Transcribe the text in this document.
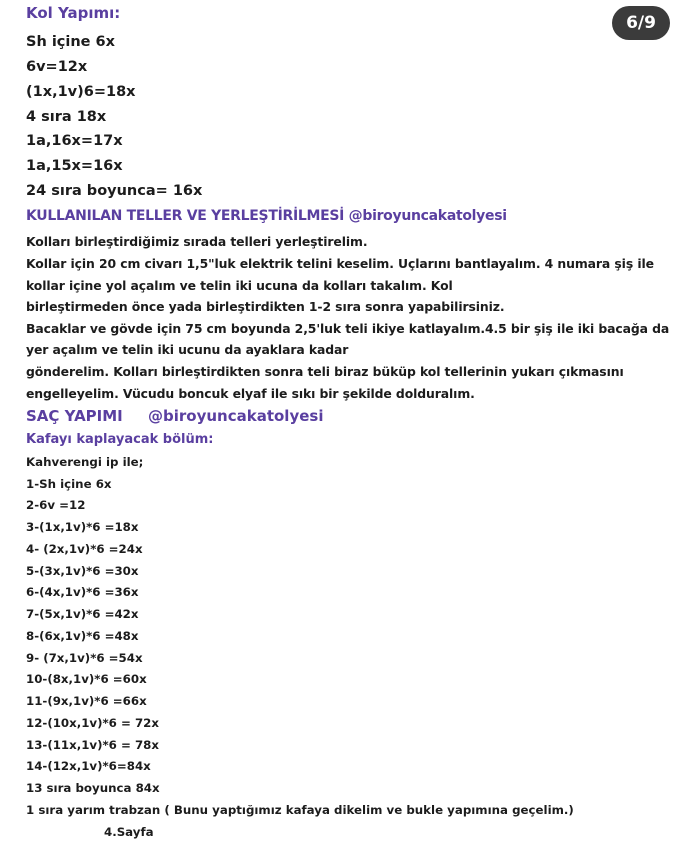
6/9
Kol Yapımı:
Sh içine 6x
6v=12x
(1x,1v)6=18x
4 sıra 18x
1a,16x=17x
1a,15x=16x
24 sıra boyunca= 16x
KULLANILAN TELLER VE YERLEŞTİRİLMESİ @biroyuncakatolyesi
Kolları birleştirdiğimiz sırada telleri yerleştirelim.
Kollar için 20 cm civarı 1,5"luk elektrik telini keselim. Uçlarını bantlayalım. 4 numara şiş ile
kollar içine yol açalım ve telin iki ucuna da kolları takalım. Kol
birleştirmeden önce yada birleştirdikten 1-2 sıra sonra yapabilirsiniz.
Bacaklar ve gövde için 75 cm boyunda 2,5'luk teli ikiye katlayalım.4.5 bir şiş ile iki bacağa da
yer açalım ve telin iki ucunu da ayaklara kadar
gönderelim. Kolları birleştirdikten sonra teli biraz büküp kol tellerinin yukarı çıkmasını
engelleyelim. Vücudu boncuk elyaf ile sıkı bir şekilde dolduralım.
SAÇ YAPIMI @biroyuncakatolyesi
Kafayı kaplayacak bölüm:
Kahverengi ip ile;
1-Sh içine 6x
2-6v =12
3-(1x,1v)*6 =18x
4- (2x,1v)*6 =24x
5-(3x,1v)*6 =30x
6-(4x,1v)*6 =36x
7-(5x,1v)*6 =42x
8-(6x,1v)*6 =48x
9- (7x,1v)*6 =54x
10-(8x,1v)*6 =60x
11-(9x,1v)*6 =66x
12-(10x,1v)*6 = 72x
13-(11x,1v)*6 = 78x
14-(12x,1v)*6=84x
13 sıra boyunca 84x
1 sıra yarım trabzan ( Bunu yaptığımız kafaya dikelim ve bukle yapımına geçelim.)
4.Sayfa
